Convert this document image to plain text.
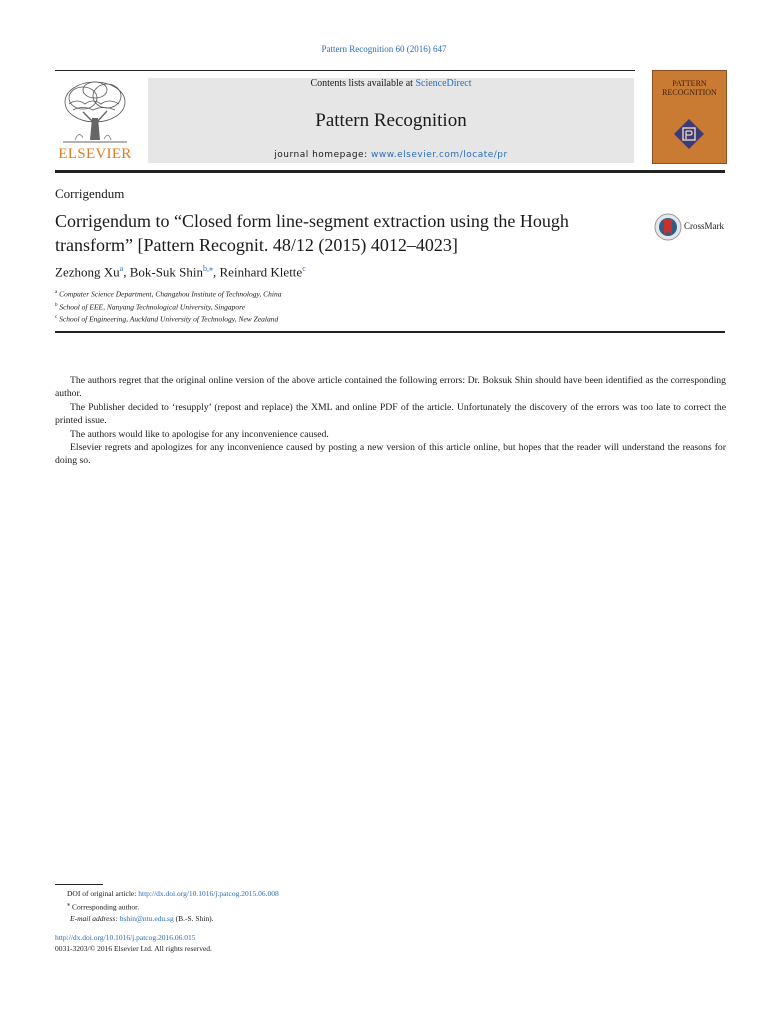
Pattern Recognition 60 (2016) 647
ELSEVIER
Contents lists available at ScienceDirect
Pattern Recognition
journal homepage: www.elsevier.com/locate/pr
PATTERN
RECOGNITION
Corrigendum
Corrigendum to “Closed form line-segment extraction using the Hough transform” [Pattern Recognit. 48/12 (2015) 4012–4023]
CrossMark
Zezhong Xu$^a$, Bok-Suk Shin$^{b,⁎}$, Reinhard Klette$^c$
$^a$ Computer Science Department, Changzhou Institute of Technology, China
$^b$ School of EEE, Nanyang Technological University, Singapore
$^c$ School of Engineering, Auckland University of Technology, New Zealand

The authors regret that the original online version of the above article contained the following errors: Dr. Boksuk Shin should have been identified as the corresponding author.

The Publisher decided to ‘resupply’ (repost and replace) the XML and online PDF of the article. Unfortunately the discovery of the errors was too late to correct the printed issue.

The authors would like to apologise for any inconvenience caused.

Elsevier regrets and apologizes for any inconvenience caused by posting a new version of this article online, but hopes that the reader will understand the reasons for doing so.

DOI of original article: http://dx.doi.org/10.1016/j.patcog.2015.06.008
⁎ Corresponding author.
E-mail address: bshin@ntu.edu.sg (B.-S. Shin).
http://dx.doi.org/10.1016/j.patcog.2016.06.015
0031-3203/© 2016 Elsevier Ltd. All rights reserved.
